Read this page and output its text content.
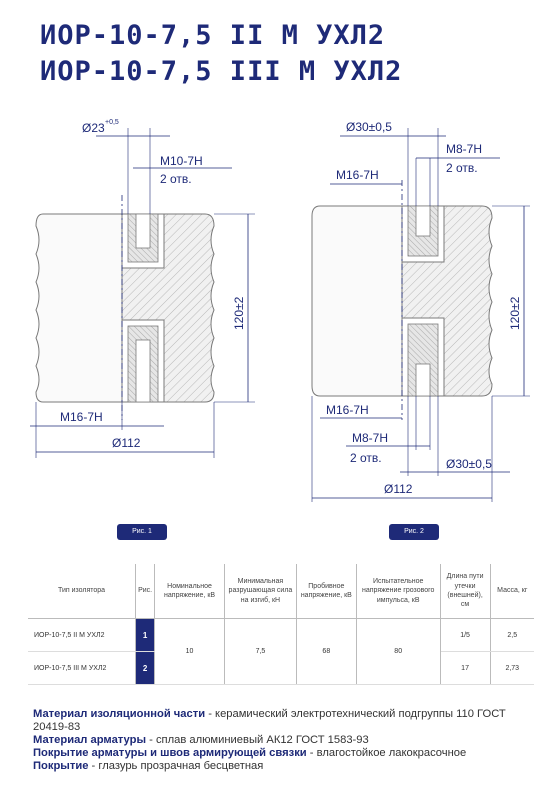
ИОР-10-7,5 II М УХЛ2
ИОР-10-7,5 III М УХЛ2
Ø23 +0,5
M10-7H
2 отв.
120±2
M16-7H
Ø112
Ø30±0,5
M8-7H
2 отв.
M16-7H
120±2
M16-7H
M8-7H
2 отв.	Ø30±0,5
Ø112
Рис. 1	Рис. 2
Тип изолятора	Рис.	Номинальное напряжение, кВ	Минимальная разрушающая сила на изгиб, кН	Пробивное напряжение, кВ	Испытательное напряжение грозового импульса, кВ	Длина пути утечки (внешней), см	Масса, кг
ИОР-10-7,5 II М УХЛ2	1	10	7,5	68	80	1/5	2,5
ИОР-10-7,5 III М УХЛ2	2					17	2,73
Материал изоляционной части - керамический электротехнический подгруппы 110 ГОСТ 20419-83
Материал арматуры - сплав алюминиевый АК12 ГОСТ 1583-93
Покрытие арматуры и швов армирующей связки - влагостойкое лакокрасочное
Покрытие - глазурь прозрачная бесцветная
